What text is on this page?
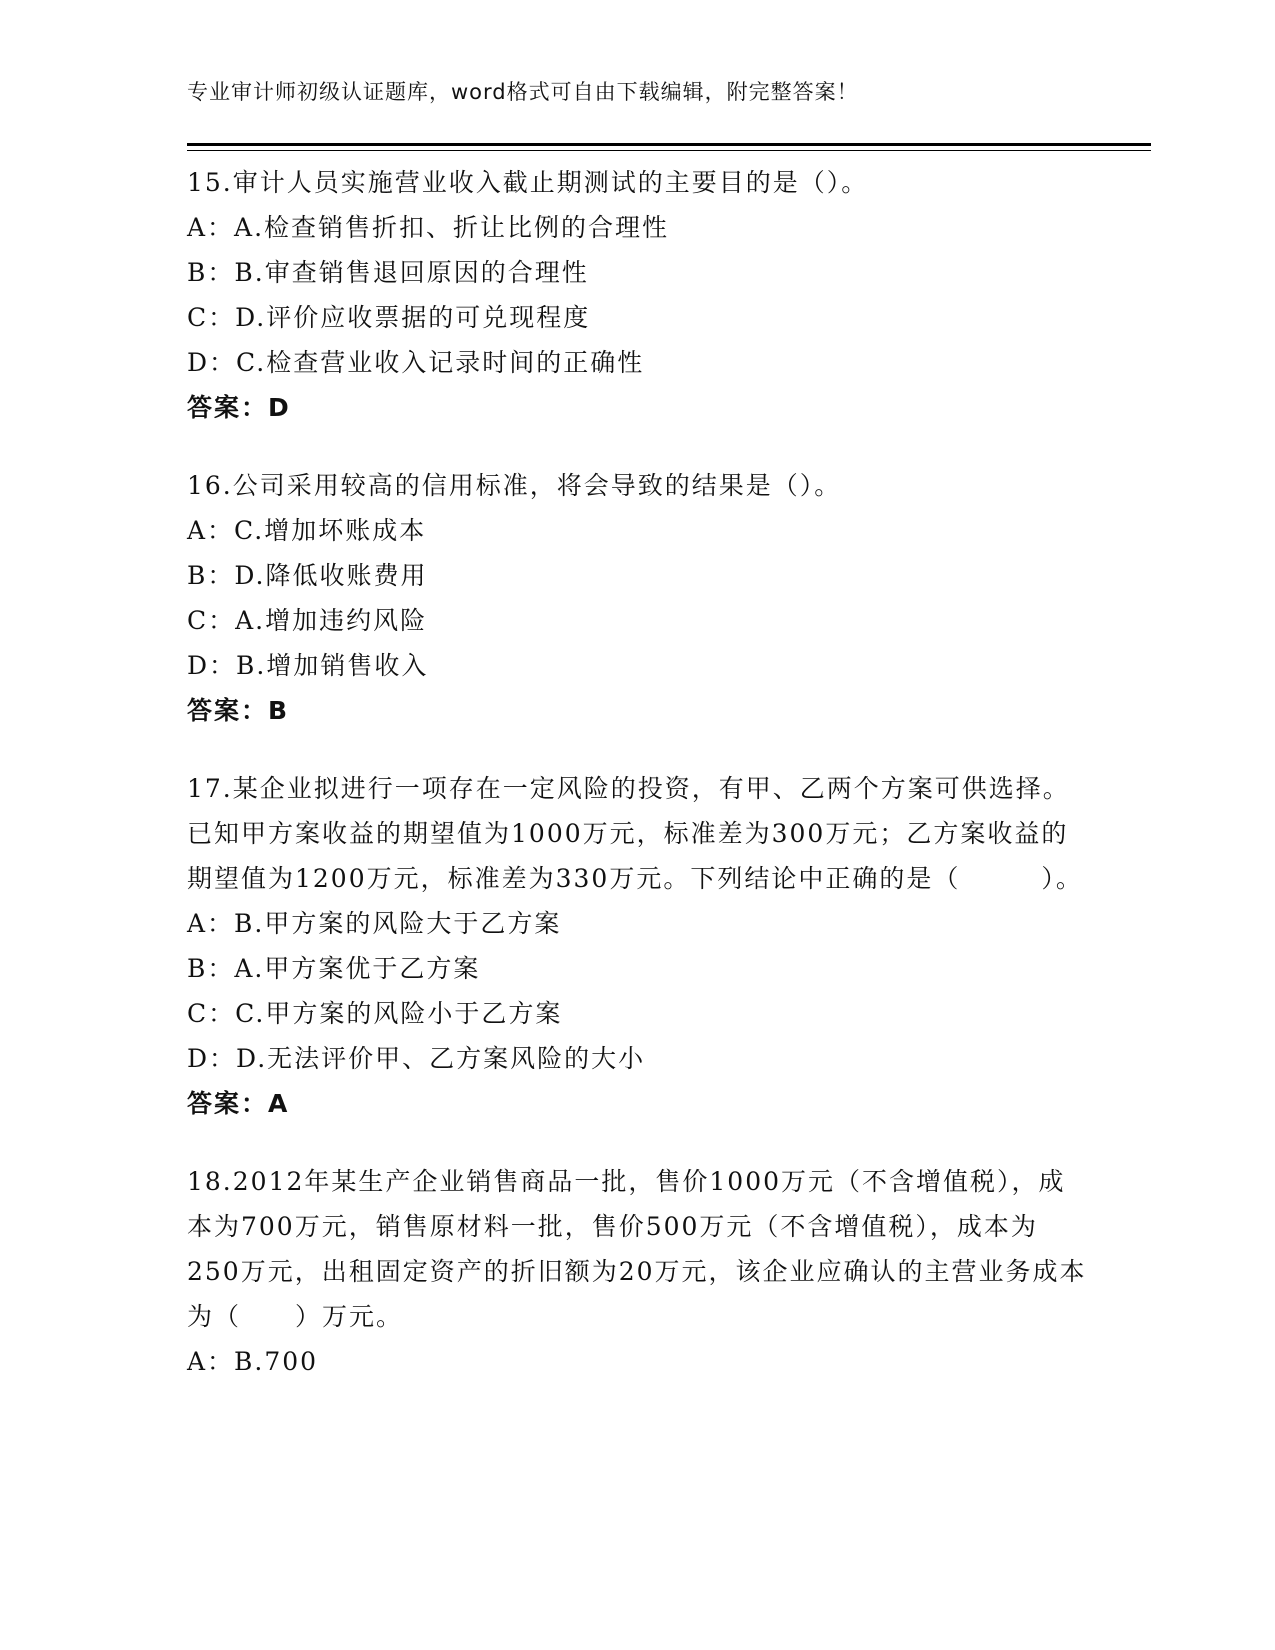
专业审计师初级认证题库，word格式可自由下载编辑，附完整答案！

15.审计人员实施营业收入截止期测试的主要目的是（）。

A：A.检查销售折扣、折让比例的合理性

B：B.审查销售退回原因的合理性

C：D.评价应收票据的可兑现程度

D：C.检查营业收入记录时间的正确性

答案：D

16.公司采用较高的信用标准，将会导致的结果是（）。

A：C.增加坏账成本

B：D.降低收账费用

C：A.增加违约风险

D：B.增加销售收入

答案：B

17.某企业拟进行一项存在一定风险的投资，有甲、乙两个方案可供选择。已知甲方案收益的期望值为1000万元，标准差为300万元；乙方案收益的期望值为1200万元，标准差为330万元。下列结论中正确的是（　　　）。

A：B.甲方案的风险大于乙方案

B：A.甲方案优于乙方案

C：C.甲方案的风险小于乙方案

D：D.无法评价甲、乙方案风险的大小

答案：A

18.2012年某生产企业销售商品一批，售价1000万元（不含增值税），成本为700万元，销售原材料一批，售价500万元（不含增值税），成本为250万元，出租固定资产的折旧额为20万元，该企业应确认的主营业务成本为（　　）万元。

A：B.700
